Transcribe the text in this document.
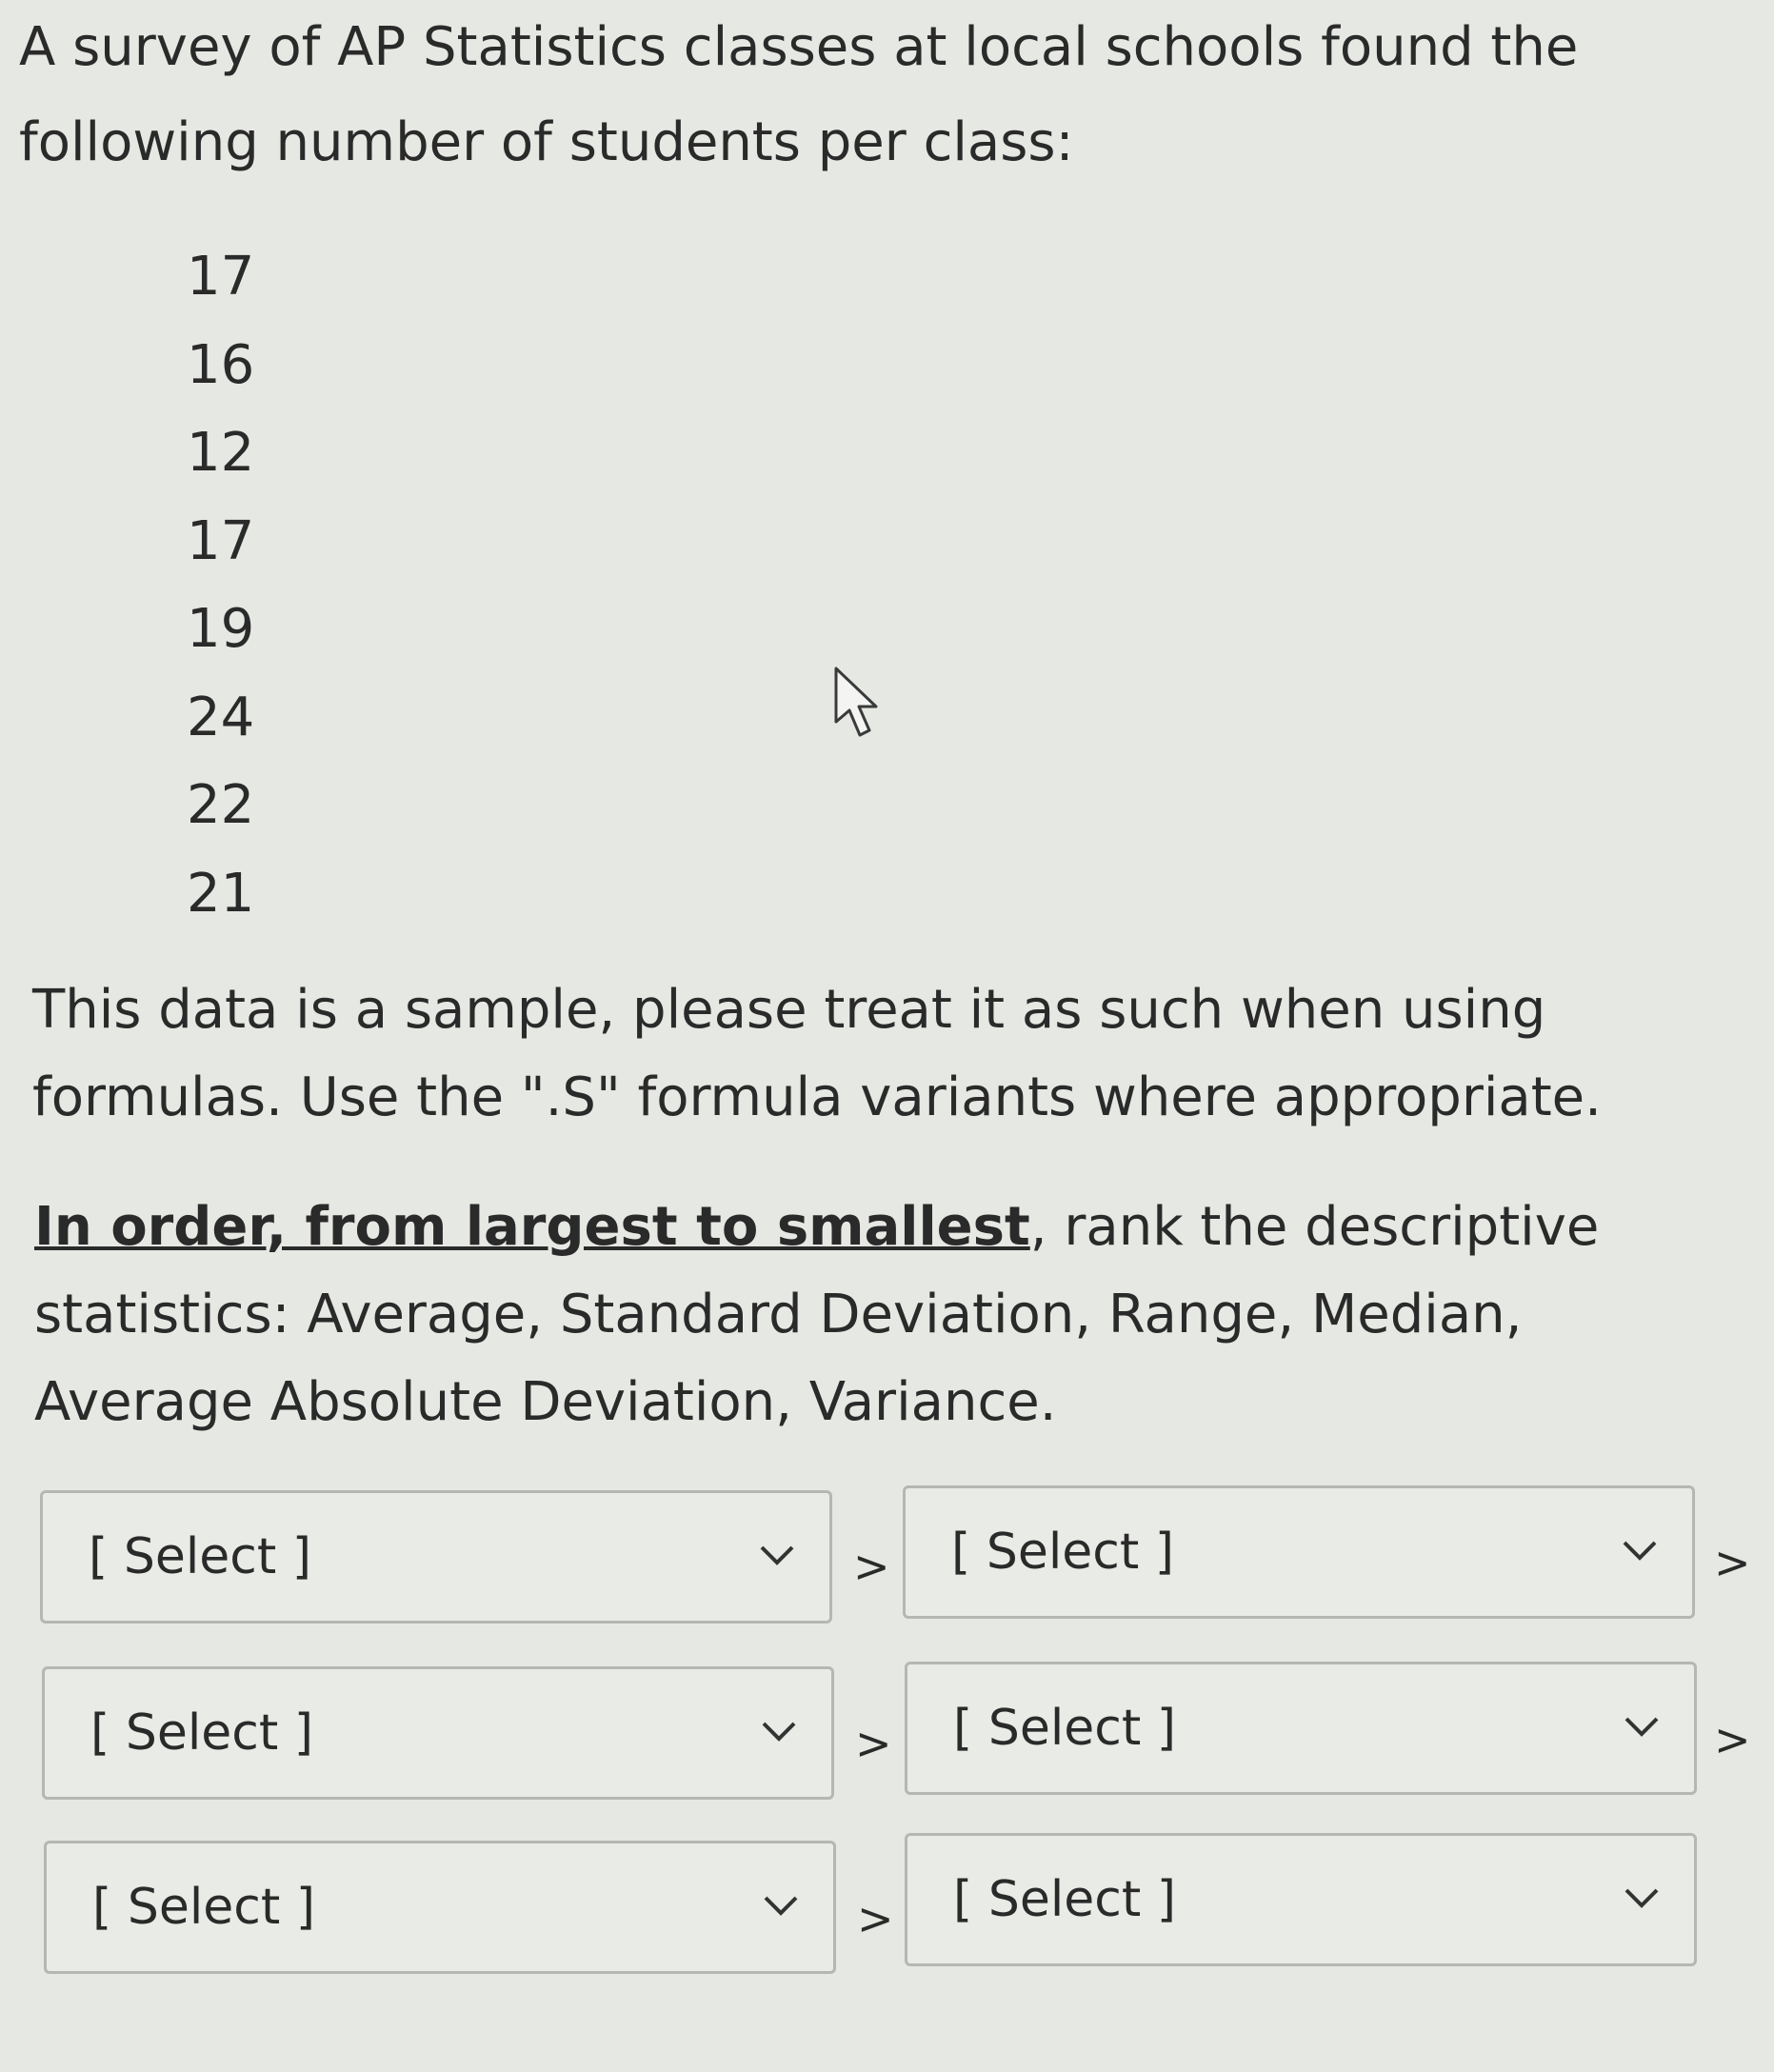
A survey of AP Statistics classes at local schools found the following number of students per class:

17
16
12
17
19
24
22
21

This data is a sample, please treat it as such when using formulas. Use the ".S" formula variants where appropriate.

In order, from largest to smallest, rank the descriptive statistics: Average, Standard Deviation, Range, Median, Average Absolute Deviation, Variance.

[ Select ]	> [ Select ]	>
[ Select ]	> [ Select ]	>
[ Select ]	> [ Select ]
